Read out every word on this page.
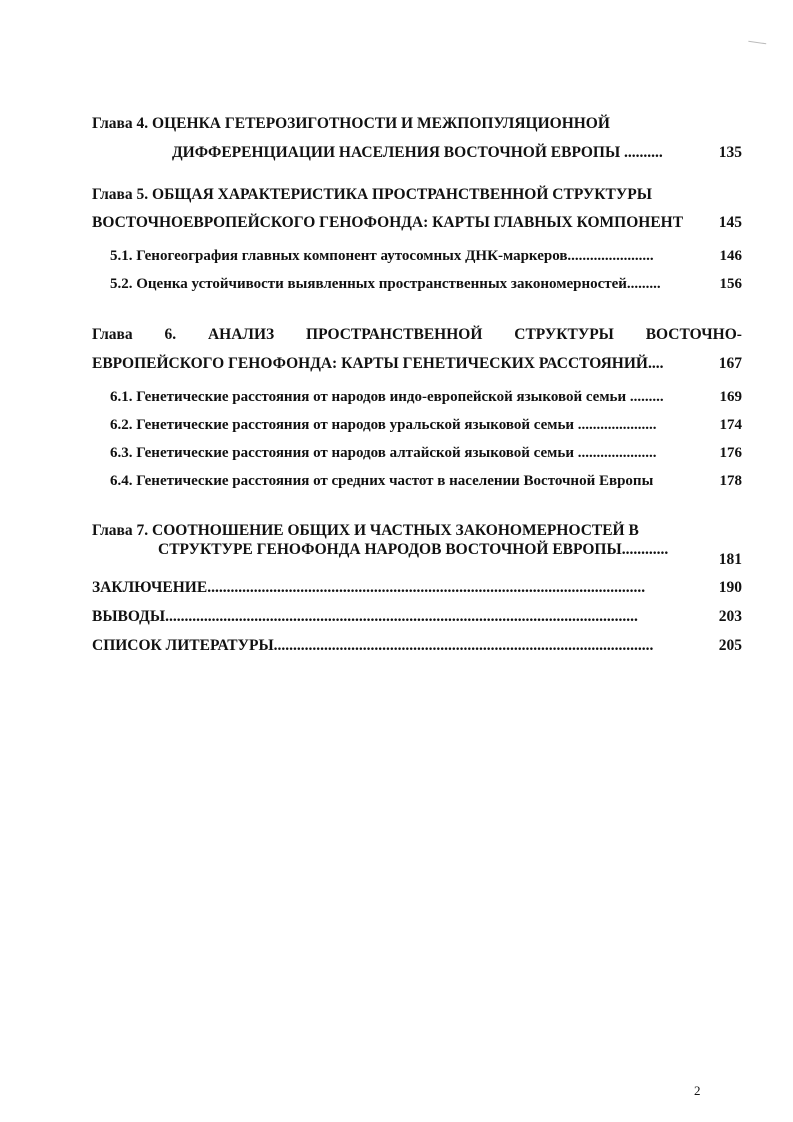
Глава 4. ОЦЕНКА ГЕТЕРОЗИГОТНОСТИ И МЕЖПОПУЛЯЦИОННОЙ
ДИФФЕРЕНЦИАЦИИ НАСЕЛЕНИЯ ВОСТОЧНОЙ ЕВРОПЫ ..........	135
Глава 5. ОБЩАЯ ХАРАКТЕРИСТИКА ПРОСТРАНСТВЕННОЙ СТРУКТУРЫ
ВОСТОЧНОЕВРОПЕЙСКОГО ГЕНОФОНДА: КАРТЫ ГЛАВНЫХ КОМПОНЕНТ 145
5.1. Геногеография главных компонент аутосомных ДНК-маркеров.......................	146
5.2. Оценка устойчивости выявленных пространственных закономерностей.........	156
Глава 6. АНАЛИЗ ПРОСТРАНСТВЕННОЙ СТРУКТУРЫ ВОСТОЧНО-
ЕВРОПЕЙСКОГО ГЕНОФОНДА: КАРТЫ ГЕНЕТИЧЕСКИХ РАССТОЯНИЙ....	167
6.1. Генетические расстояния от народов индо-европейской языковой семьи .........	169
6.2. Генетические расстояния от народов уральской языковой семьи .....................	174
6.3. Генетические расстояния от народов алтайской языковой семьи .....................	176
6.4. Генетические расстояния от средних частот в населении Восточной Европы	178
Глава 7. СООТНОШЕНИЕ ОБЩИХ И ЧАСТНЫХ ЗАКОНОМЕРНОСТЕЙ В
СТРУКТУРЕ ГЕНОФОНДА НАРОДОВ ВОСТОЧНОЙ ЕВРОПЫ............
181
ЗАКЛЮЧЕНИЕ.................................................................................................................	190
ВЫВОДЫ..........................................................................................................................	203
СПИСОК ЛИТЕРАТУРЫ..................................................................................................	205
2
